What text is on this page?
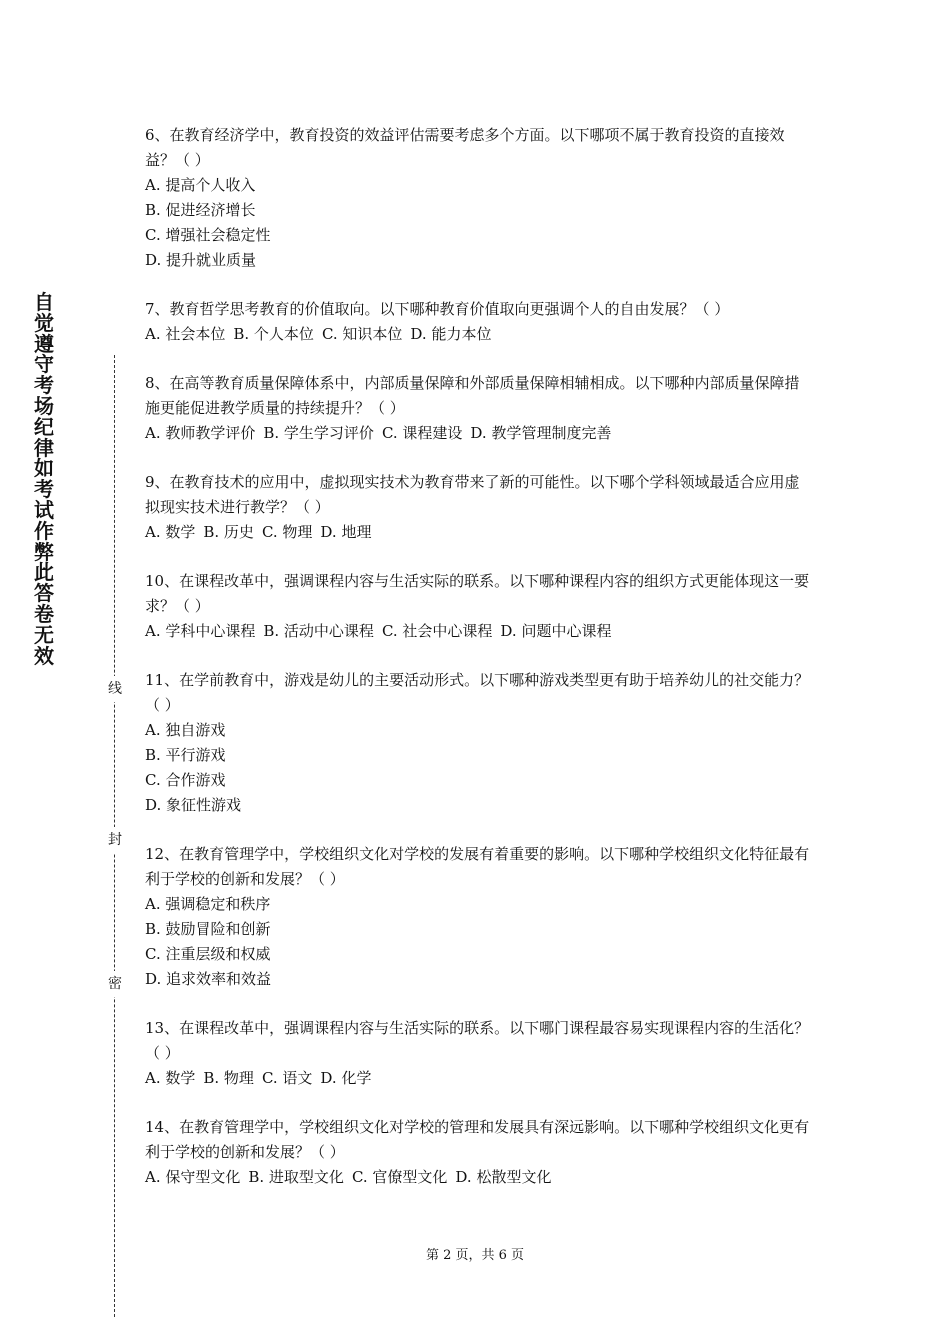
自觉遵守考场纪律如考试作弊此答卷无效
线
封
密

6、在教育经济学中，教育投资的效益评估需要考虑多个方面。以下哪项不属于教育投资的直接效益？（ ）

A. 提高个人收入
B. 促进经济增长
C. 增强社会稳定性
D. 提升就业质量

7、教育哲学思考教育的价值取向。以下哪种教育价值取向更强调个人的自由发展？（ ）

A. 社会本位 B. 个人本位 C. 知识本位 D. 能力本位

8、在高等教育质量保障体系中，内部质量保障和外部质量保障相辅相成。以下哪种内部质量保障措施更能促进教学质量的持续提升？（ ）

A. 教师教学评价 B. 学生学习评价 C. 课程建设 D. 教学管理制度完善

9、在教育技术的应用中，虚拟现实技术为教育带来了新的可能性。以下哪个学科领域最适合应用虚拟现实技术进行教学？（ ）

A. 数学 B. 历史 C. 物理 D. 地理

10、在课程改革中，强调课程内容与生活实际的联系。以下哪种课程内容的组织方式更能体现这一要求？（ ）

A. 学科中心课程 B. 活动中心课程 C. 社会中心课程 D. 问题中心课程

11、在学前教育中，游戏是幼儿的主要活动形式。以下哪种游戏类型更有助于培养幼儿的社交能力？（ ）

A. 独自游戏
B. 平行游戏
C. 合作游戏
D. 象征性游戏

12、在教育管理学中，学校组织文化对学校的发展有着重要的影响。以下哪种学校组织文化特征最有利于学校的创新和发展？（ ）

A. 强调稳定和秩序
B. 鼓励冒险和创新
C. 注重层级和权威
D. 追求效率和效益

13、在课程改革中，强调课程内容与生活实际的联系。以下哪门课程最容易实现课程内容的生活化？（ ）

A. 数学 B. 物理 C. 语文 D. 化学

14、在教育管理学中，学校组织文化对学校的管理和发展具有深远影响。以下哪种学校组织文化更有利于学校的创新和发展？（ ）

A. 保守型文化 B. 进取型文化 C. 官僚型文化 D. 松散型文化
第 2 页，共 6 页
